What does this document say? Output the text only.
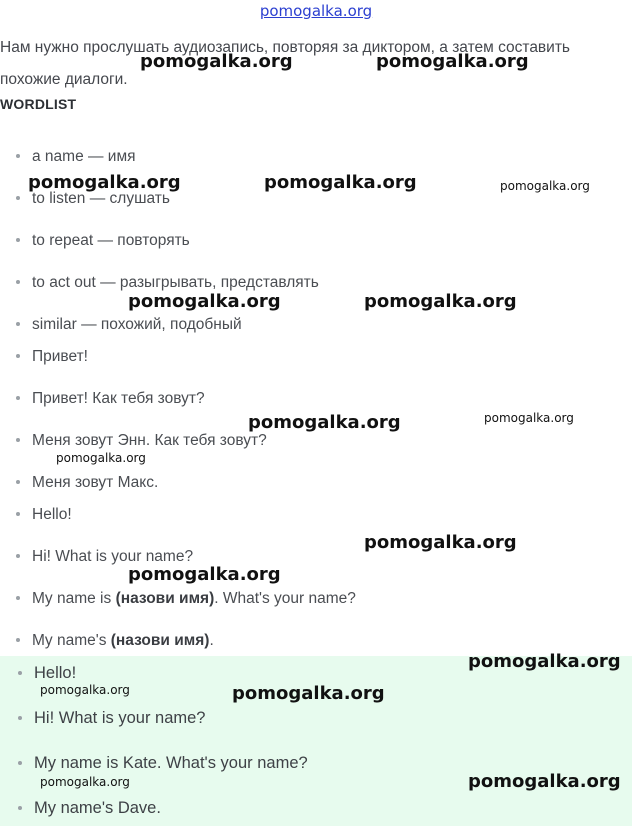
pomogalka.org
Нам нужно прослушать аудиозапись, повторяя за диктором, а затем составить похожие диалоги.
WORDLIST
a name — имя
to listen — слушать
to repeat — повторять
to act out — разыгрывать, представлять
similar — похожий, подобный
Привет!
Привет! Как тебя зовут?
Меня зовут Энн. Как тебя зовут?
Меня зовут Макс.
Hello!
Hi! What is your name?
My name is (назови имя). What's your name?
My name's (назови имя).
Hello!
Hi! What is your name?
My name is Kate. What's your name?
My name's Dave.
pomogalka.org	pomogalka.org
pomogalka.org	pomogalka.org	pomogalka.org
pomogalka.org	pomogalka.org
pomogalka.org	pomogalka.org
pomogalka.org
pomogalka.org
pomogalka.org
pomogalka.org
pomogalka.org	pomogalka.org
pomogalka.org	pomogalka.org
